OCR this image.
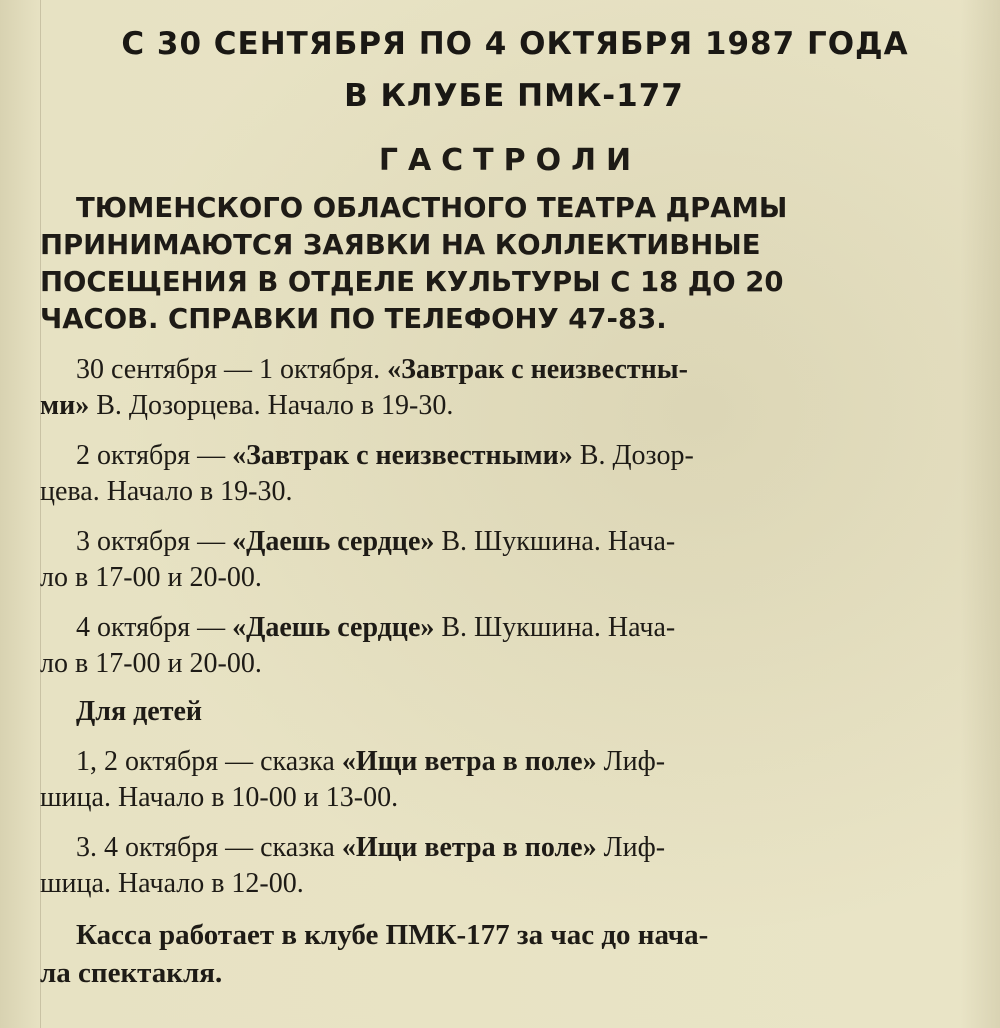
С 30 СЕНТЯБРЯ ПО 4 ОКТЯБРЯ 1987 ГОДА
В КЛУБЕ ПМК-177
ГАСТРОЛИ
ТЮМЕНСКОГО ОБЛАСТНОГО ТЕАТРА ДРАМЫ
ПРИНИМАЮТСЯ ЗАЯВКИ НА КОЛЛЕКТИВНЫЕ
ПОСЕЩЕНИЯ В ОТДЕЛЕ КУЛЬТУРЫ С 18 ДО 20
ЧАСОВ. СПРАВКИ ПО ТЕЛЕФОНУ 47-83.
30 сентября — 1 октября. «Завтрак с неизвестны-
ми» В. Дозорцева. Начало в 19-30.
2 октября — «Завтрак с неизвестными» В. Дозор-
цева. Начало в 19-30.
3 октября — «Даешь сердце» В. Шукшина. Нача-
ло в 17-00 и 20-00.
4 октября — «Даешь сердце» В. Шукшина. Нача-
ло в 17-00 и 20-00.
Для детей
1, 2 октября — сказка «Ищи ветра в поле» Лиф-
шица. Начало в 10-00 и 13-00.
3. 4 октября — сказка «Ищи ветра в поле» Лиф-
шица. Начало в 12-00.
Касса работает в клубе ПМК-177 за час до нача-
ла спектакля.
